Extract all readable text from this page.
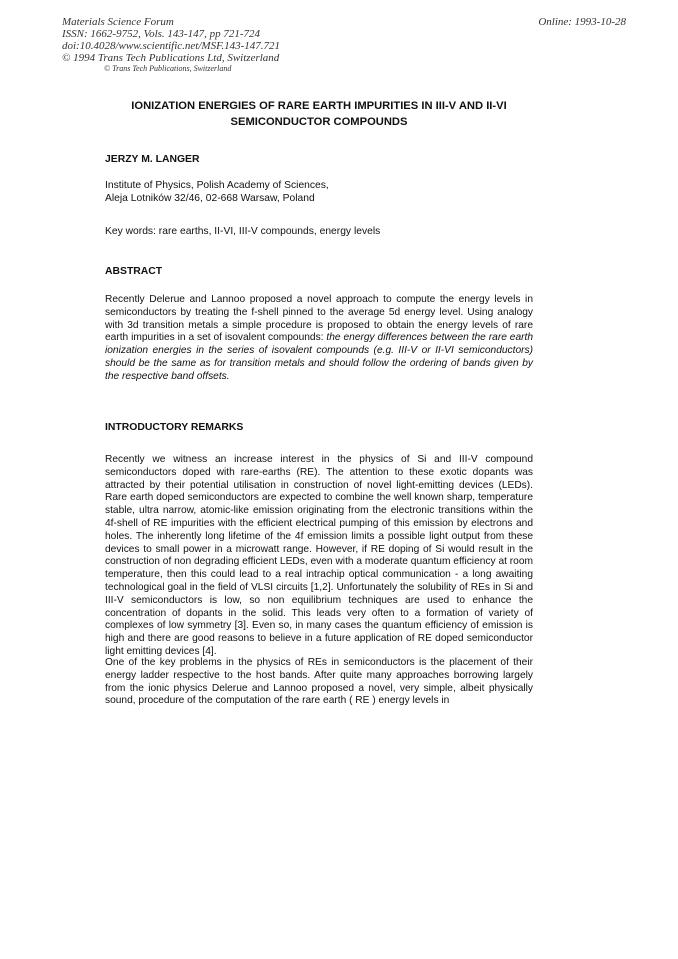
Materials Science Forum
ISSN: 1662-9752, Vols. 143-147, pp 721-724
doi:10.4028/www.scientific.net/MSF.143-147.721
© 1994 Trans Tech Publications Ltd, Switzerland
Online: 1993-10-28
© Trans Tech Publications, Switzerland
IONIZATION ENERGIES OF RARE EARTH IMPURITIES IN III-V AND II-VI
SEMICONDUCTOR COMPOUNDS
JERZY M. LANGER
Institute of Physics, Polish Academy of Sciences,
Aleja Lotników 32/46, 02-668 Warsaw, Poland
Key words: rare earths, II-VI, III-V compounds, energy levels
ABSTRACT

Recently Delerue and Lannoo proposed a novel approach to compute the energy levels in semiconductors by treating the f-shell pinned to the average 5d energy level. Using analogy with 3d transition metals a simple procedure is proposed to obtain the energy levels of rare earth impurities in a set of isovalent compounds: the energy differences between the rare earth ionization energies in the series of isovalent compounds (e.g. III-V or II-VI semiconductors) should be the same as for transition metals and should follow the ordering of bands given by the respective band offsets.

INTRODUCTORY REMARKS

Recently we witness an increase interest in the physics of Si and III-V compound semiconductors doped with rare-earths (RE). The attention to these exotic dopants was attracted by their potential utilisation in construction of novel light-emitting devices (LEDs). Rare earth doped semiconductors are expected to combine the well known sharp, temperature stable, ultra narrow, atomic-like emission originating from the electronic transitions within the 4f-shell of RE impurities with the efficient electrical pumping of this emission by electrons and holes. The inherently long lifetime of the 4f emission limits a possible light output from these devices to small power in a microwatt range. However, if RE doping of Si would result in the construction of non degrading efficient LEDs, even with a moderate quantum efficiency at room temperature, then this could lead to a real intrachip optical communication - a long awaiting technological goal in the field of VLSI circuits [1,2]. Unfortunately the solubility of REs in Si and III-V semiconductors is low, so non equilibrium techniques are used to enhance the concentration of dopants in the solid. This leads very often to a formation of variety of complexes of low symmetry [3]. Even so, in many cases the quantum efficiency of emission is high and there are good reasons to believe in a future application of RE doped semiconductor light emitting devices [4].

One of the key problems in the physics of REs in semiconductors is the placement of their energy ladder respective to the host bands. After quite many approaches borrowing largely from the ionic physics Delerue and Lannoo proposed a novel, very simple, albeit physically sound, procedure of the computation of the rare earth ( RE ) energy levels in
